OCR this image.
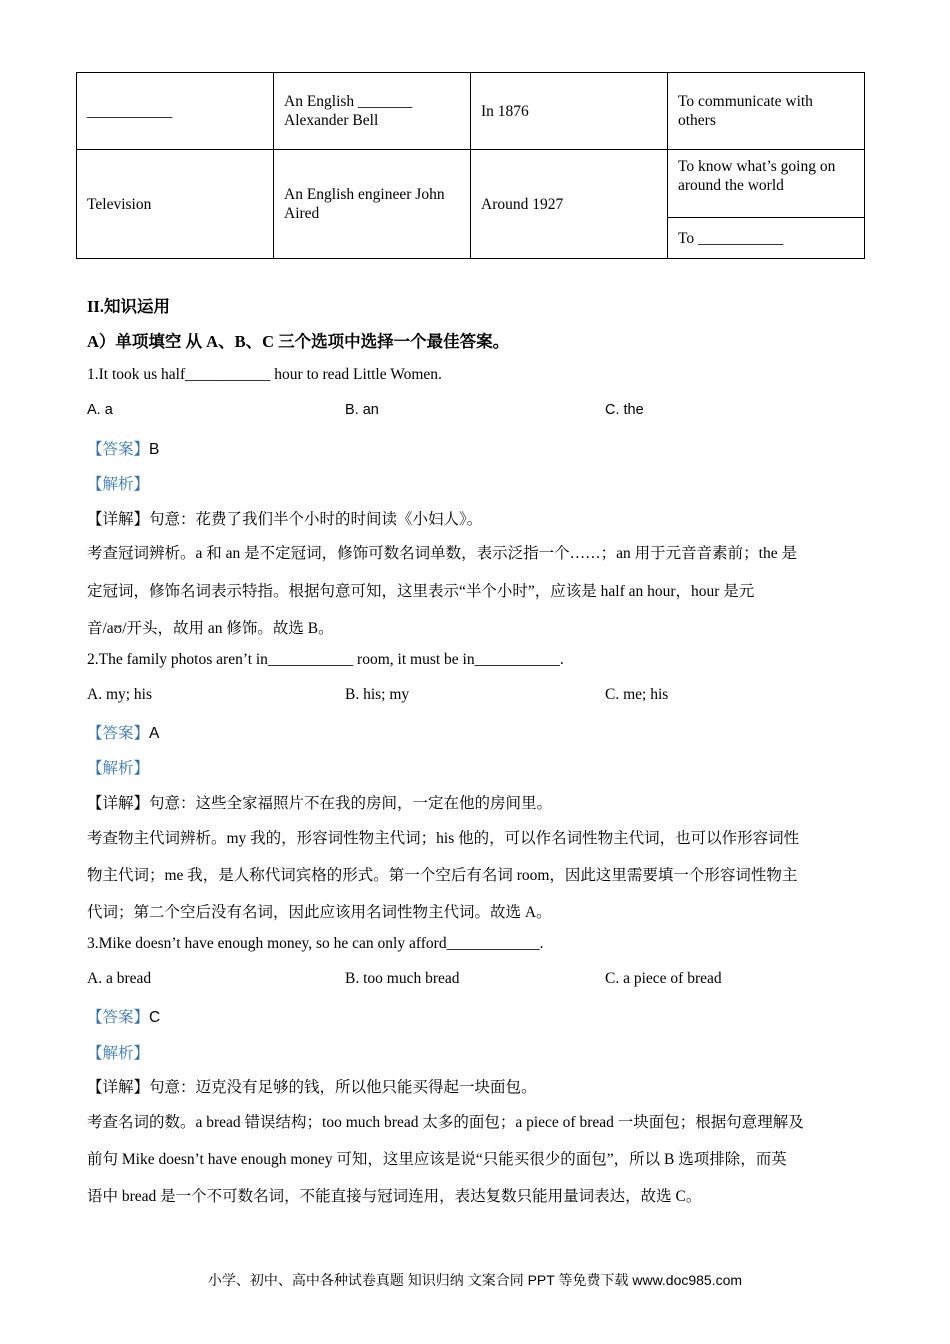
___________	An English _______ Alexander Bell	In 1876	To communicate with others
Television	An English engineer John Aired	Around 1927	To know what’s going on around the world
			To ___________
II.知识运用
A）单项填空 从 A、B、C 三个选项中选择一个最佳答案。
1.It took us half___________ hour to read Little Women.
A. a	B. an	C. the
【答案】B
【解析】
【详解】句意：花费了我们半个小时的时间读《小妇人》。
考查冠词辨析。a 和 an 是不定冠词，修饰可数名词单数，表示泛指一个……；an 用于元音音素前；the 是
定冠词，修饰名词表示特指。根据句意可知，这里表示“半个小时”，应该是 half an hour，hour 是元
音/aʊ/开头，故用 an 修饰。故选 B。
2.The family photos aren’t in___________ room, it must be in___________.
A. my; his	B. his; my	C. me; his
【答案】A
【解析】
【详解】句意：这些全家福照片不在我的房间，一定在他的房间里。
考查物主代词辨析。my 我的，形容词性物主代词；his 他的，可以作名词性物主代词，也可以作形容词性
物主代词；me 我，是人称代词宾格的形式。第一个空后有名词 room，因此这里需要填一个形容词性物主
代词；第二个空后没有名词，因此应该用名词性物主代词。故选 A。
3.Mike doesn’t have enough money, so he can only afford____________.
A. a bread	B. too much bread	C. a piece of bread
【答案】C
【解析】
【详解】句意：迈克没有足够的钱，所以他只能买得起一块面包。
考查名词的数。a bread 错误结构；too much bread 太多的面包；a piece of bread 一块面包；根据句意理解及
前句 Mike doesn’t have enough money 可知，这里应该是说“只能买很少的面包”，所以 B 选项排除，而英
语中 bread 是一个不可数名词，不能直接与冠词连用，表达复数只能用量词表达，故选 C。
小学、初中、高中各种试卷真题 知识归纳 文案合同 PPT 等免费下载 www.doc985.com
